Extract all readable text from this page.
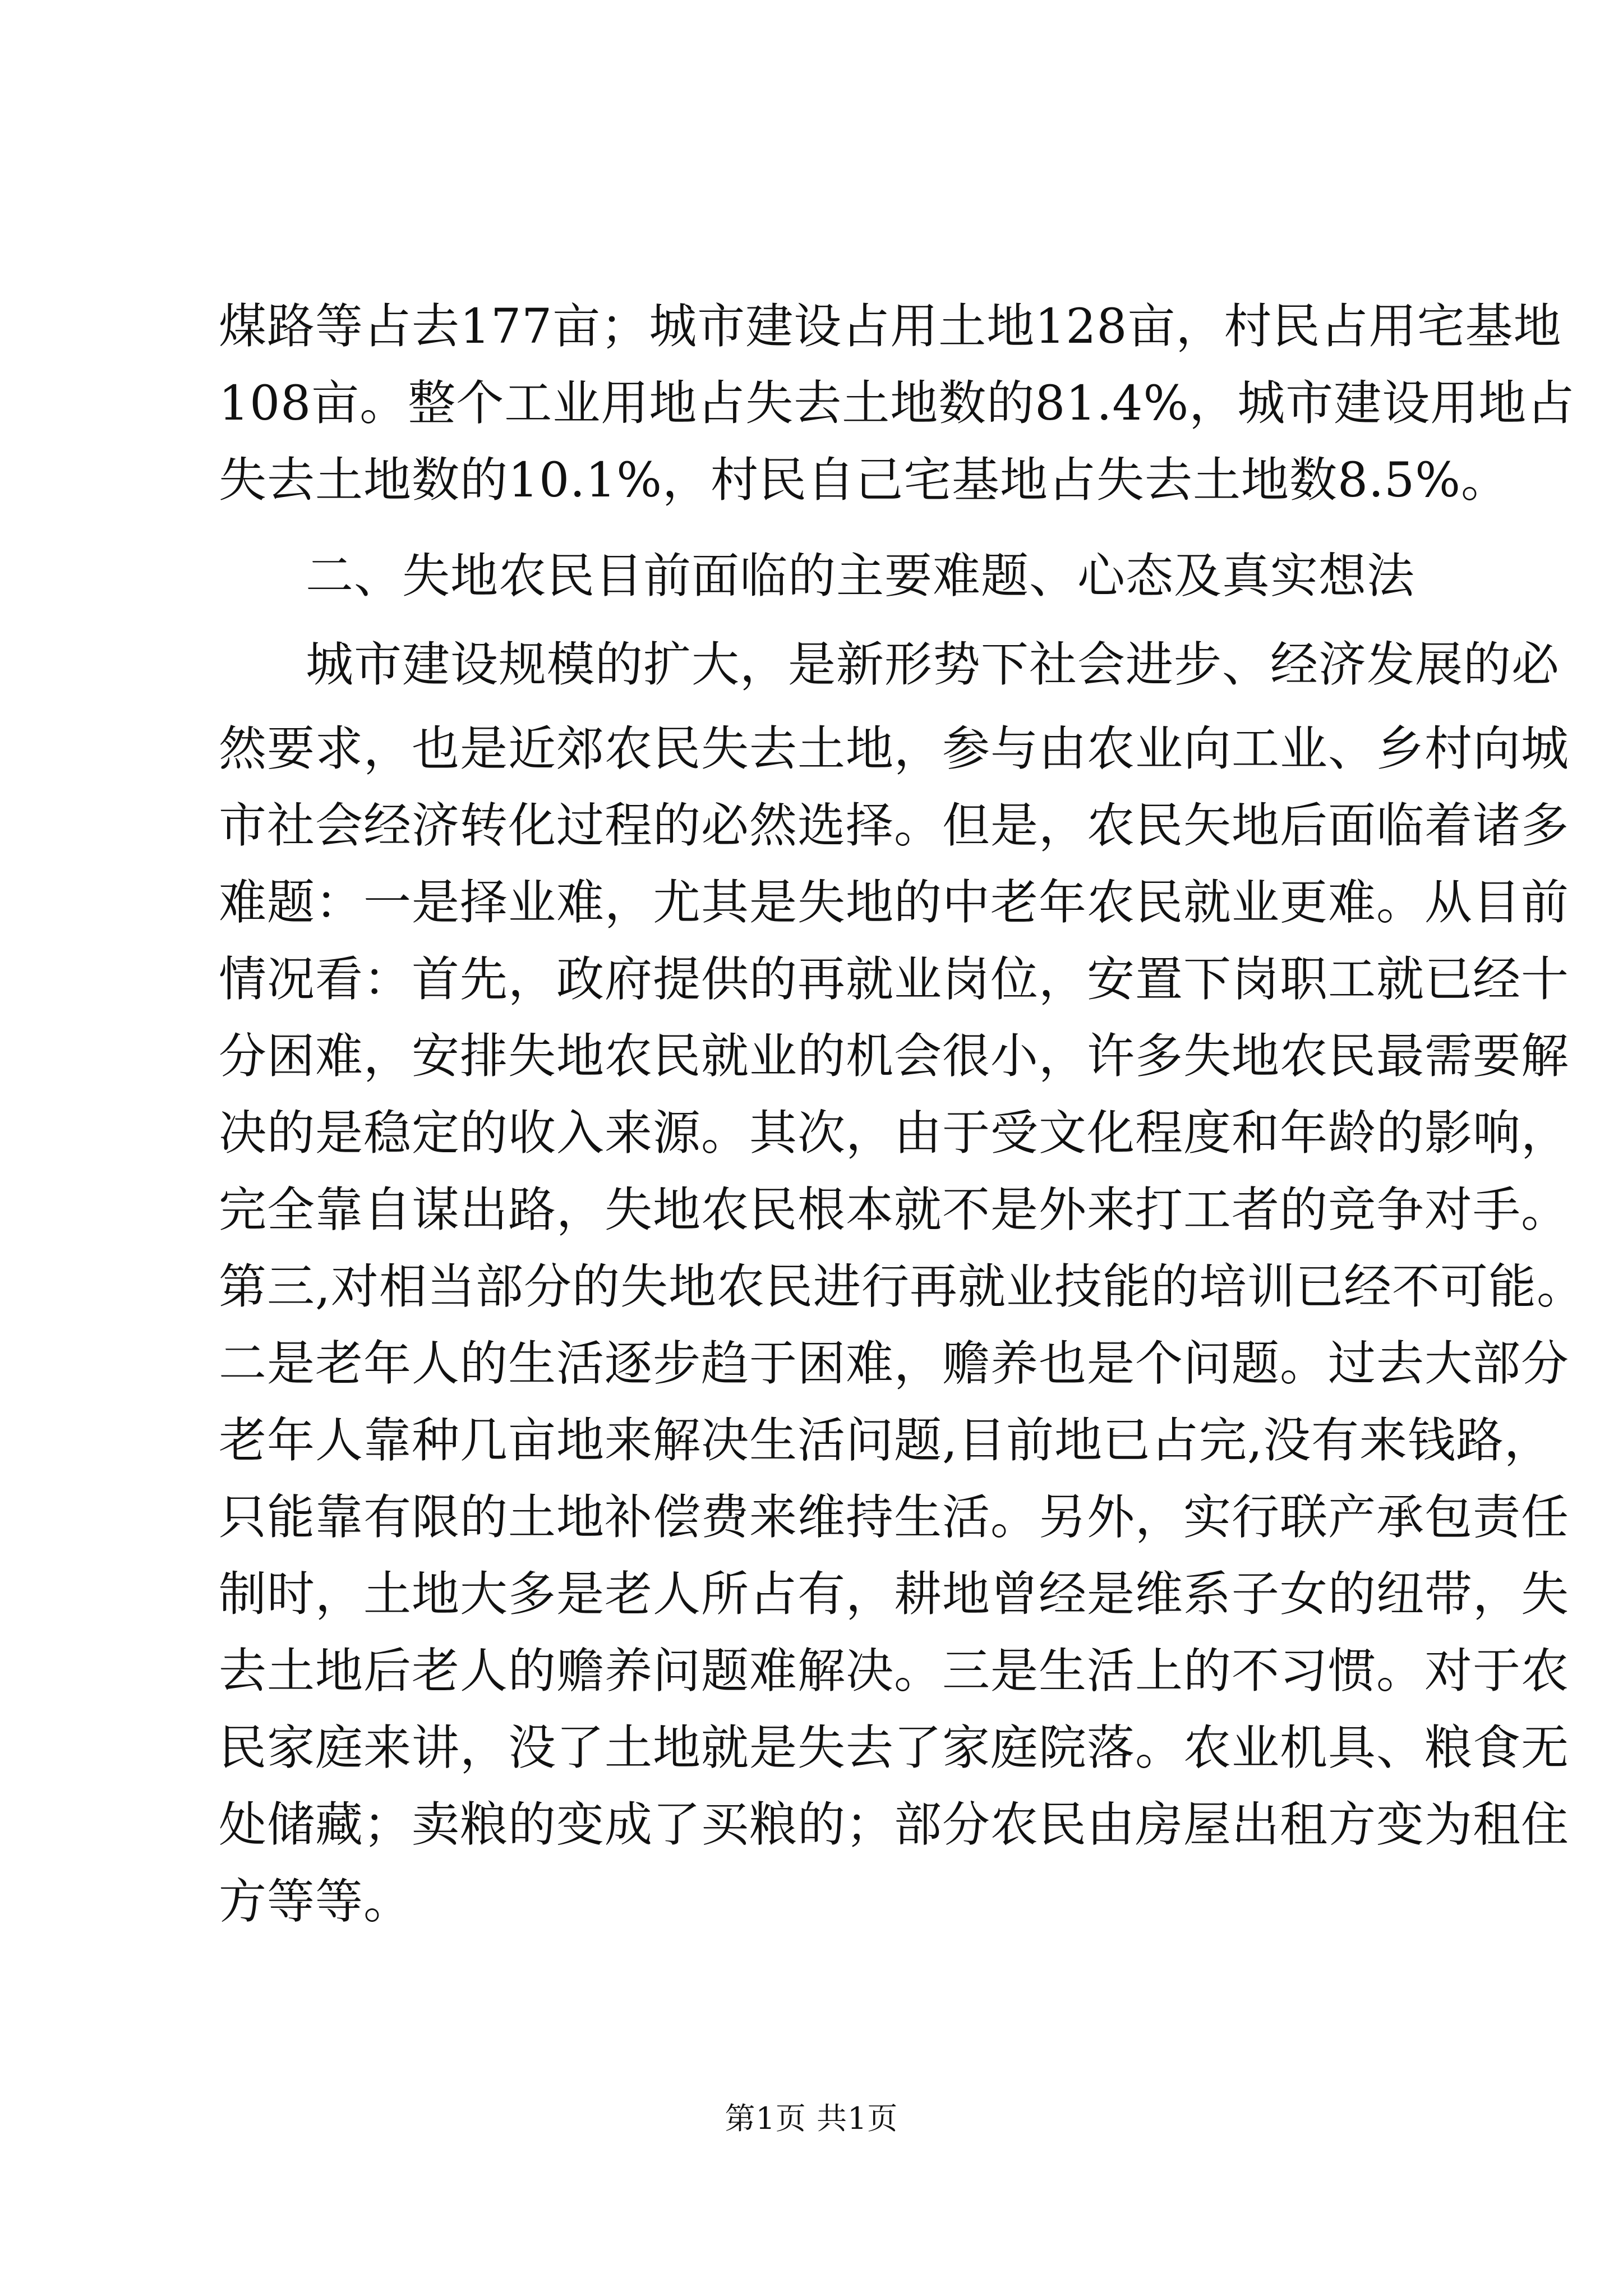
煤路等占去177亩；城市建设占用土地128亩，村民占用宅基地
108亩。整个工业用地占失去土地数的81.4%，城市建设用地占
失去土地数的10.1%，村民自己宅基地占失去土地数8.5%。
二、失地农民目前面临的主要难题、心态及真实想法
城市建设规模的扩大，是新形势下社会进步、经济发展的必
然要求，也是近郊农民失去土地，参与由农业向工业、乡村向城
市社会经济转化过程的必然选择。但是，农民矢地后面临着诸多
难题：一是择业难，尤其是失地的中老年农民就业更难。从目前
情况看：首先，政府提供的再就业岗位，安置下岗职工就已经十
分困难，安排失地农民就业的机会很小，许多失地农民最需要解
决的是稳定的收入来源。其次，由于受文化程度和年龄的影响，
完全靠自谋出路，失地农民根本就不是外来打工者的竞争对手。
第三,对相当部分的失地农民进行再就业技能的培训已经不可能。
二是老年人的生活逐步趋于困难，赡养也是个问题。过去大部分
老年人靠种几亩地来解决生活问题,目前地已占完,没有来钱路，
只能靠有限的土地补偿费来维持生活。另外，实行联产承包责任
制时，土地大多是老人所占有，耕地曾经是维系子女的纽带，失
去土地后老人的赡养问题难解决。三是生活上的不习惯。对于农
民家庭来讲，没了土地就是失去了家庭院落。农业机具、粮食无
处储藏；卖粮的变成了买粮的；部分农民由房屋出租方变为租住
方等等。
第1页 共1页
